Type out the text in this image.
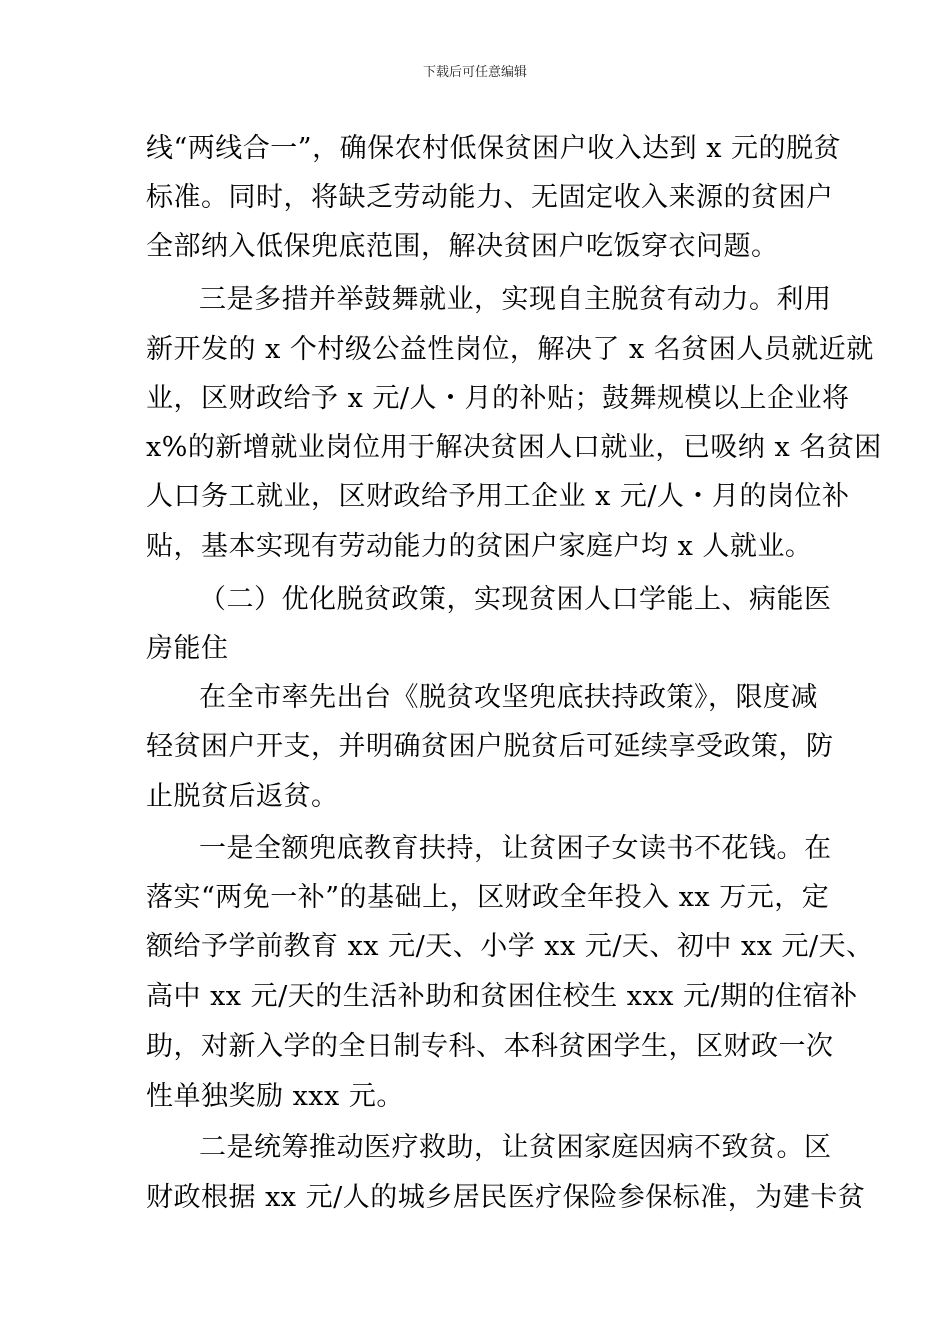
下载后可任意编辑
线“两线合一”，确保农村低保贫困户收入达到 x 元的脱贫
标准。同时，将缺乏劳动能力、无固定收入来源的贫困户
全部纳入低保兜底范围，解决贫困户吃饭穿衣问题。
三是多措并举鼓舞就业，实现自主脱贫有动力。利用
新开发的 x 个村级公益性岗位，解决了 x 名贫困人员就近就
业，区财政给予 x 元/人・月的补贴；鼓舞规模以上企业将
x%的新增就业岗位用于解决贫困人口就业，已吸纳 x 名贫困
人口务工就业，区财政给予用工企业 x 元/人・月的岗位补
贴，基本实现有劳动能力的贫困户家庭户均 x 人就业。
（二）优化脱贫政策，实现贫困人口学能上、病能医
房能住
在全市率先出台《脱贫攻坚兜底扶持政策》，限度减
轻贫困户开支，并明确贫困户脱贫后可延续享受政策，防
止脱贫后返贫。
一是全额兜底教育扶持，让贫困子女读书不花钱。在
落实“两免一补”的基础上，区财政全年投入 xx 万元，定
额给予学前教育 xx 元/天、小学 xx 元/天、初中 xx 元/天、
高中 xx 元/天的生活补助和贫困住校生 xxx 元/期的住宿补
助，对新入学的全日制专科、本科贫困学生，区财政一次
性单独奖励 xxx 元。
二是统筹推动医疗救助，让贫困家庭因病不致贫。区
财政根据 xx 元/人的城乡居民医疗保险参保标准，为建卡贫
